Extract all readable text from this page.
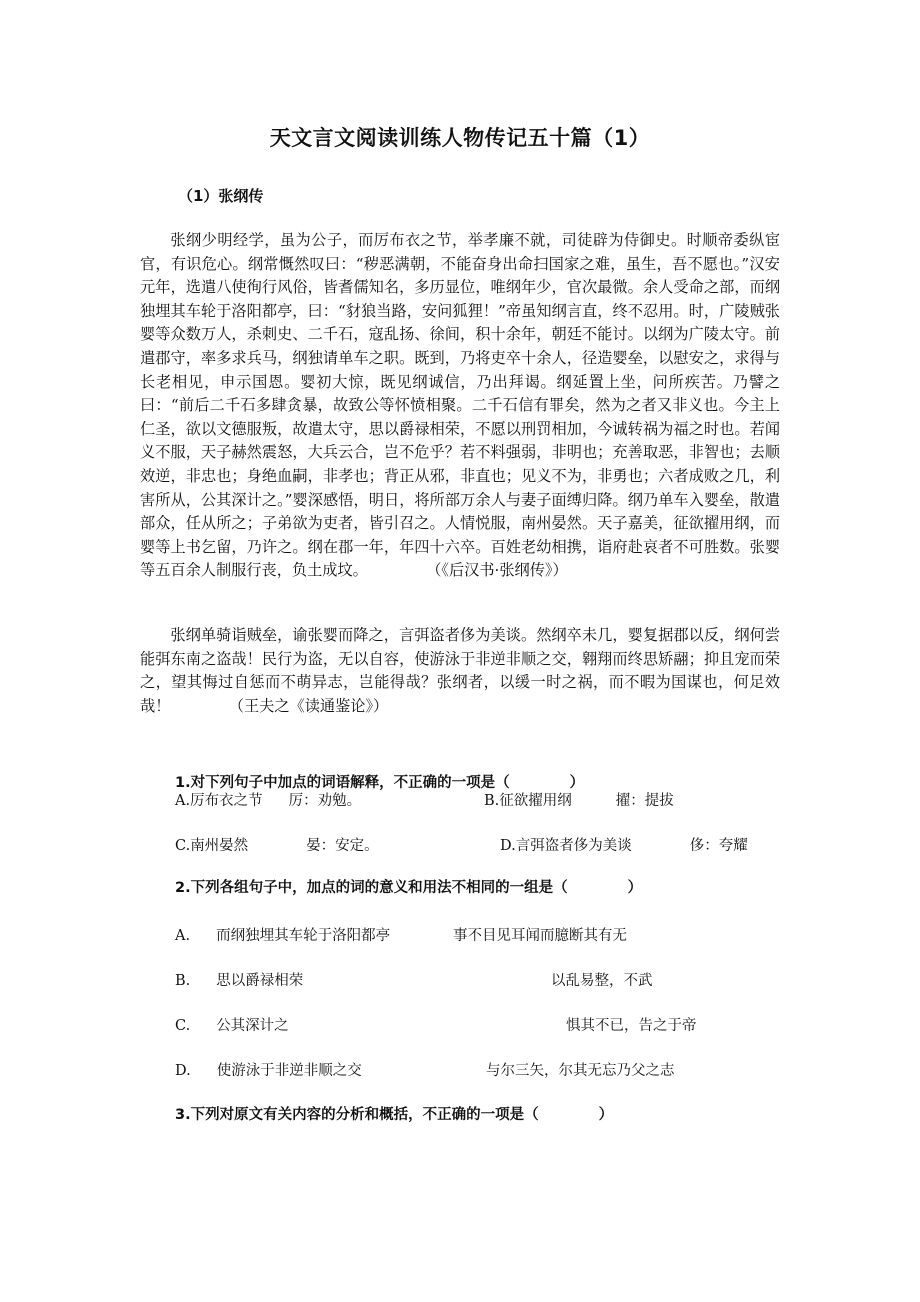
天文言文阅读训练人物传记五十篇（1）
（1）张纲传

张纲少明经学，虽为公子，而厉布衣之节，举孝廉不就，司徒辟为侍御史。时顺帝委纵宦官，有识危心。纲常慨然叹曰：“秽恶满朝，不能奋身出命扫国家之难，虽生，吾不愿也。”汉安元年，选遣八使徇行风俗，皆耆儒知名，多历显位，唯纲年少，官次最微。余人受命之部，而纲独埋其车轮于洛阳都亭，曰：“豺狼当路，安问狐狸！”帝虽知纲言直，终不忍用。时，广陵贼张婴等众数万人，杀刺史、二千石，寇乱扬、徐间，积十余年，朝廷不能讨。以纲为广陵太守。前遣郡守，率多求兵马，纲独请单车之职。既到，乃将吏卒十余人，径造婴垒，以慰安之，求得与长老相见，申示国恩。婴初大惊，既见纲诚信，乃出拜谒。纲延置上坐，问所疾苦。乃譬之曰：“前后二千石多肆贪暴，故致公等怀愤相聚。二千石信有罪矣，然为之者又非义也。今主上仁圣，欲以文德服叛，故遣太守，思以爵禄相荣，不愿以刑罚相加，今诚转祸为福之时也。若闻义不服，天子赫然震怒，大兵云合，岂不危乎？若不料强弱，非明也；充善取恶，非智也；去顺效逆，非忠也；身绝血嗣，非孝也；背正从邪，非直也；见义不为，非勇也；六者成败之几，利害所从，公其深计之。”婴深感悟，明日，将所部万余人与妻子面缚归降。纲乃单车入婴垒，散遣部众，任从所之；子弟欲为吏者，皆引召之。人情悦服，南州晏然。天子嘉美，征欲擢用纲，而婴等上书乞留，乃许之。纲在郡一年，年四十六卒。百姓老幼相携，诣府赴哀者不可胜数。张婴等五百余人制服行丧，负土成坟。	（《后汉书·张纲传》）

张纲单骑诣贼垒，谕张婴而降之，言弭盗者侈为美谈。然纲卒未几，婴复据郡以反，纲何尝能弭东南之盗哉！民行为盗，无以自容，使游泳于非逆非顺之交，翱翔而终思矫翮；抑且宠而荣之，望其悔过自惩而不萌异志，岂能得哉？张纲者，以缓一时之祸，而不暇为国谋也，何足效哉！	（王夫之《读通鉴论》）

1.对下列句子中加点的词语解释，不正确的一项是（	）
A.厉布衣之节 厉：劝勉。	B.征欲擢用纲	擢：提拔
C.南州晏然	晏：安定。	D.言弭盗者侈为美谈	侈：夸耀
2.下列各组句子中，加点的词的意义和用法不相同的一组是（	）
A. 而纲独埋其车轮于洛阳都亭	事不目见耳闻而臆断其有无
B. 思以爵禄相荣	以乱易整，不武
C. 公其深计之	惧其不已，告之于帝
D. 使游泳于非逆非顺之交	与尔三矢，尔其无忘乃父之志
3.下列对原文有关内容的分析和概括，不正确的一项是（	）
